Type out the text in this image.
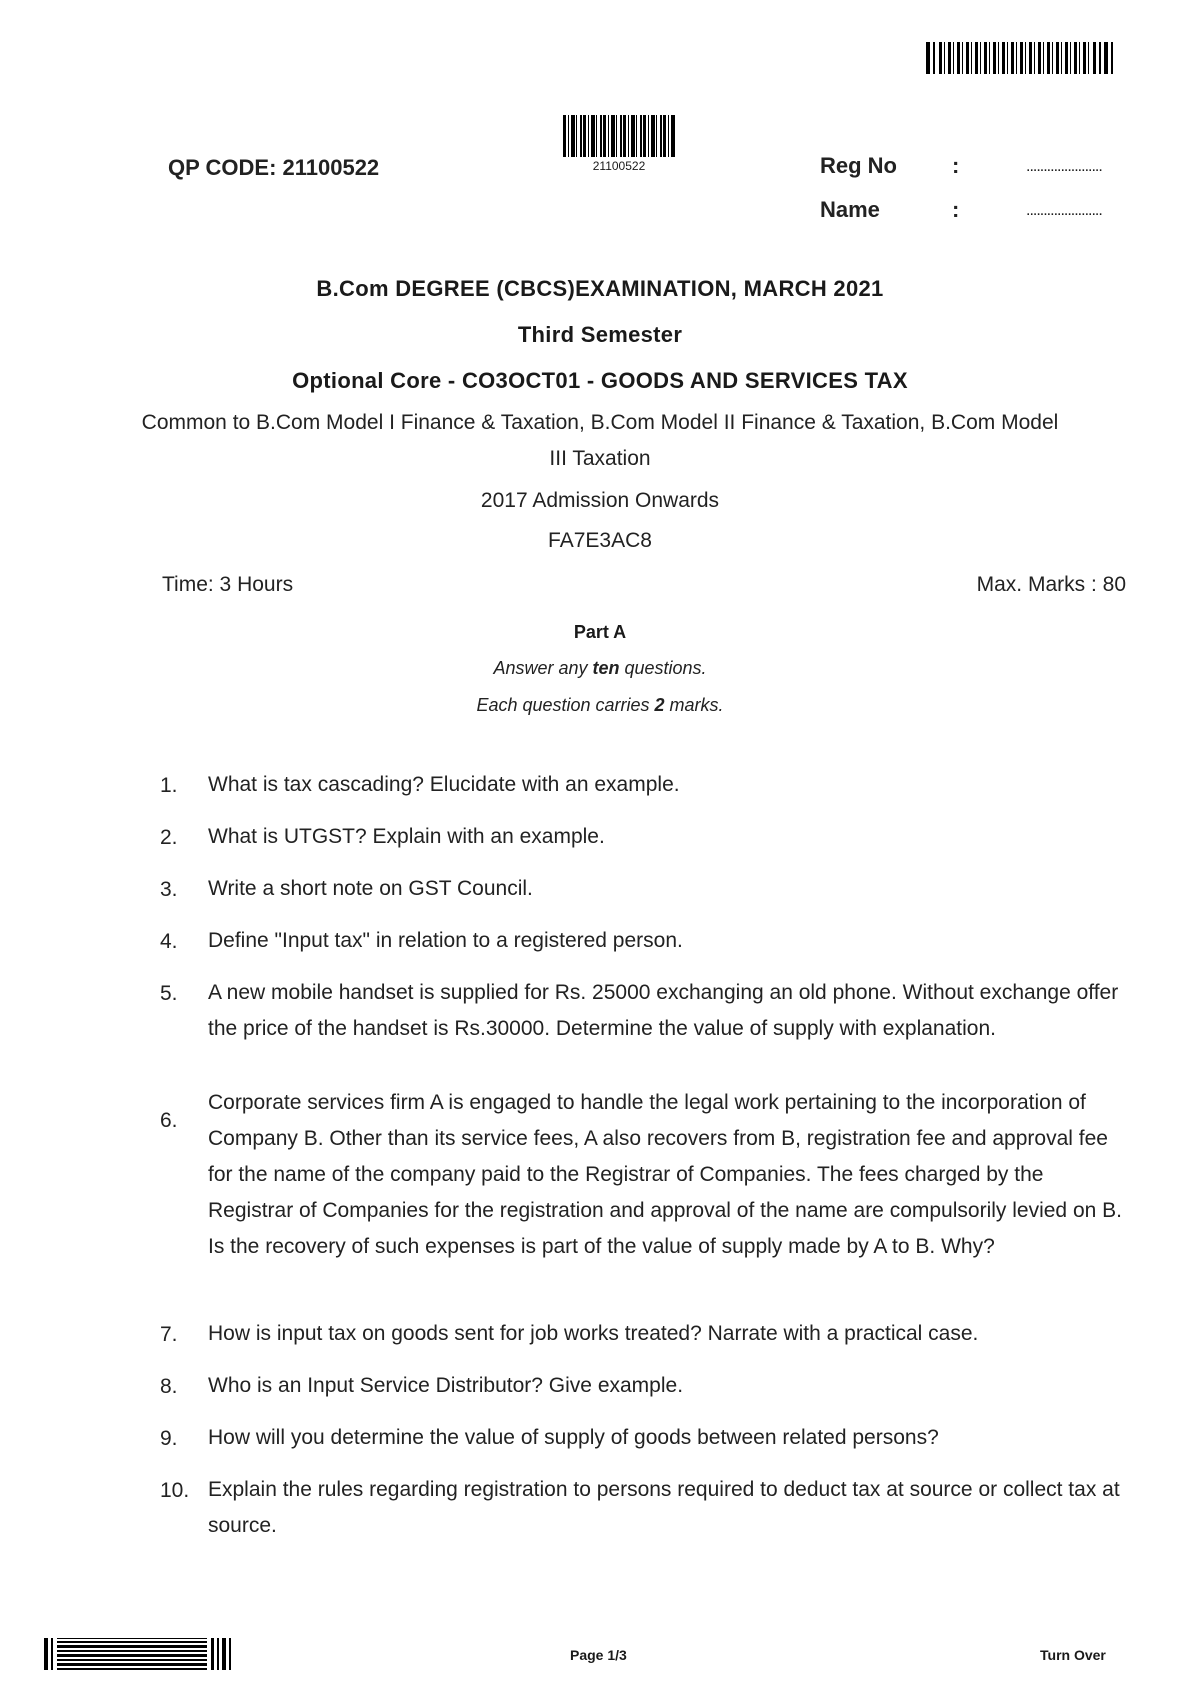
QP CODE: 21100522	21100522	Reg No	:	......................
Name	:	......................
B.Com DEGREE (CBCS)EXAMINATION, MARCH 2021
Third Semester
Optional Core - CO3OCT01 - GOODS AND SERVICES TAX
Common to B.Com Model I Finance & Taxation, B.Com Model II Finance & Taxation, B.Com Model
III Taxation
2017 Admission Onwards
FA7E3AC8
Time: 3 Hours	Max. Marks : 80
Part A
Answer any ten questions.
Each question carries 2 marks.
1. What is tax cascading? Elucidate with an example.
2. What is UTGST? Explain with an example.
3. Write a short note on GST Council.
4. Define "Input tax" in relation to a registered person.
5. A new mobile handset is supplied for Rs. 25000 exchanging an old phone. Without exchange offer the price of the handset is Rs.30000. Determine the value of supply with explanation.
6.
Corporate services firm A is engaged to handle the legal work pertaining to the incorporation of Company B. Other than its service fees, A also recovers from B, registration fee and approval fee for the name of the company paid to the Registrar of Companies. The fees charged by the Registrar of Companies for the registration and approval of the name are compulsorily levied on B. Is the recovery of such expenses is part of the value of supply made by A to B. Why?
7. How is input tax on goods sent for job works treated? Narrate with a practical case.
8. Who is an Input Service Distributor? Give example.
9. How will you determine the value of supply of goods between related persons?
10. Explain the rules regarding registration to persons required to deduct tax at source or collect tax at source.
Page 1/3	Turn Over
